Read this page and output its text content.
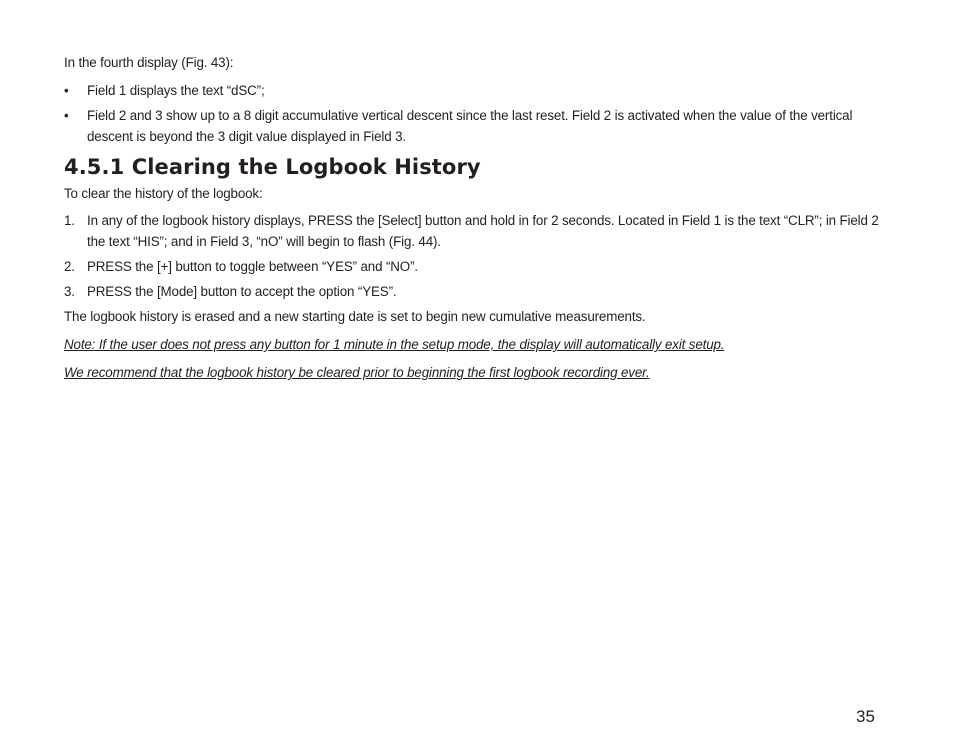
In the fourth display (Fig. 43):

• Field 1 displays the text “dSC”;
• Field 2 and 3 show up to a 8 digit accumulative vertical descent since the last reset. Field 2 is activated when the value of the vertical descent is beyond the 3 digit value displayed in Field 3.
4.5.1 Clearing the Logbook History

To clear the history of the logbook:

1. In any of the logbook history displays, PRESS the [Select] button and hold in for 2 seconds. Located in Field 1 is the text “CLR”; in Field 2 the text “HIS”; and in Field 3, “nO” will begin to flash (Fig. 44).
2. PRESS the [+] button to toggle between “YES” and “NO”.
3. PRESS the [Mode] button to accept the option “YES”.

The logbook history is erased and a new starting date is set to begin new cumulative measurements.

Note: If the user does not press any button for 1 minute in the setup mode, the display will automatically exit setup.

We recommend that the logbook history be cleared prior to beginning the first logbook recording ever.

35
